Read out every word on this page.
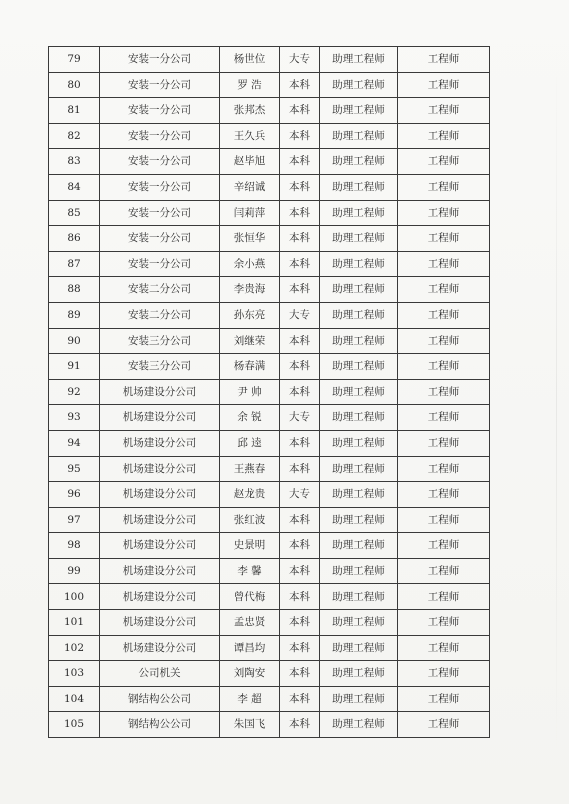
79	安装一分公司	杨世位	大专	助理工程师	工程师
80	安装一分公司	罗 浩	本科	助理工程师	工程师
81	安装一分公司	张邦杰	本科	助理工程师	工程师
82	安装一分公司	王久兵	本科	助理工程师	工程师
83	安装一分公司	赵毕旭	本科	助理工程师	工程师
84	安装一分公司	辛绍诚	本科	助理工程师	工程师
85	安装一分公司	闫莉萍	本科	助理工程师	工程师
86	安装一分公司	张恒华	本科	助理工程师	工程师
87	安装一分公司	余小燕	本科	助理工程师	工程师
88	安装二分公司	李贵海	本科	助理工程师	工程师
89	安装二分公司	孙东亮	大专	助理工程师	工程师
90	安装三分公司	刘继荣	本科	助理工程师	工程师
91	安装三分公司	杨春满	本科	助理工程师	工程师
92	机场建设分公司	尹 帅	本科	助理工程师	工程师
93	机场建设分公司	余 锐	大专	助理工程师	工程师
94	机场建设分公司	邱 逵	本科	助理工程师	工程师
95	机场建设分公司	王燕春	本科	助理工程师	工程师
96	机场建设分公司	赵龙贵	大专	助理工程师	工程师
97	机场建设分公司	张红波	本科	助理工程师	工程师
98	机场建设分公司	史景明	本科	助理工程师	工程师
99	机场建设分公司	李 馨	本科	助理工程师	工程师
100	机场建设分公司	曾代梅	本科	助理工程师	工程师
101	机场建设分公司	孟忠贤	本科	助理工程师	工程师
102	机场建设分公司	谭昌均	本科	助理工程师	工程师
103	公司机关	刘陶安	本科	助理工程师	工程师
104	钢结构公公司	李 超	本科	助理工程师	工程师
105	钢结构公公司	朱国飞	本科	助理工程师	工程师
